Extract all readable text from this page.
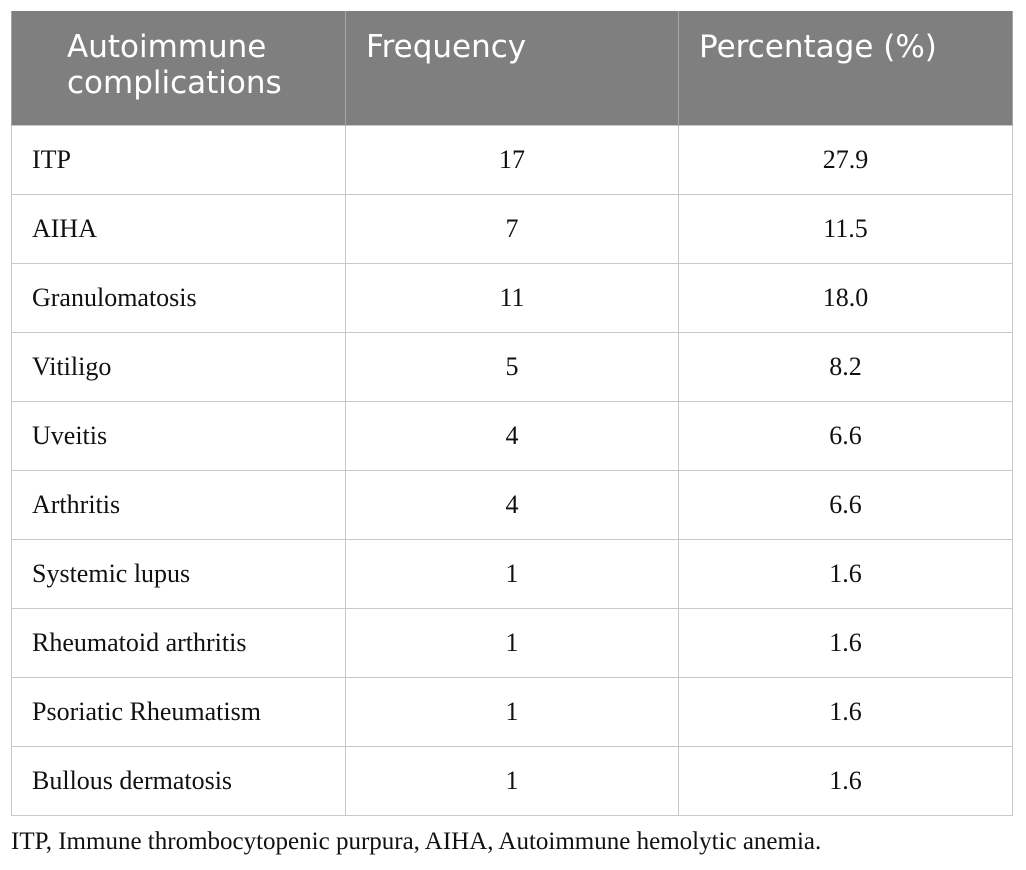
Autoimmune complications	Frequency	Percentage (%)
ITP	17	27.9
AIHA	7	11.5
Granulomatosis	11	18.0
Vitiligo	5	8.2
Uveitis	4	6.6
Arthritis	4	6.6
Systemic lupus	1	1.6
Rheumatoid arthritis	1	1.6
Psoriatic Rheumatism	1	1.6
Bullous dermatosis	1	1.6
ITP, Immune thrombocytopenic purpura, AIHA, Autoimmune hemolytic anemia.
